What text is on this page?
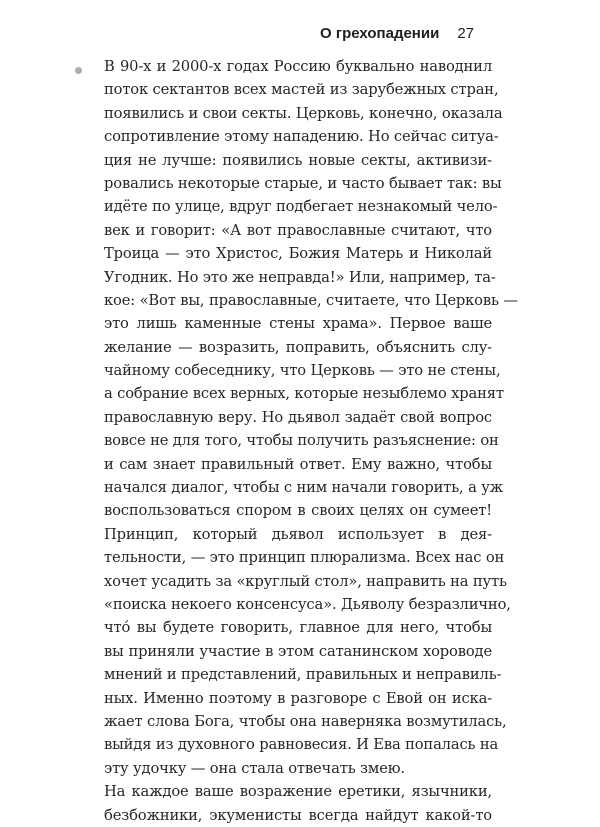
О грехопадении 27
В 90-х и 2000-х годах Россию буквально наводнил
поток сектантов всех мастей из зарубежных стран,
появились и свои секты. Церковь, конечно, оказала
сопротивление этому нападению. Но сейчас ситуа-
ция не лучше: появились новые секты, активизи-
ровались некоторые старые, и часто бывает так: вы
идёте по улице, вдруг подбегает незнакомый чело-
век и говорит: «А вот православные считают, что
Троица — это Христос, Божия Матерь и Николай
Угодник. Но это же неправда!» Или, например, та-
кое: «Вот вы, православные, считаете, что Церковь —
это лишь каменные стены храма». Первое ваше
желание — возразить, поправить, объяснить слу-
чайному собеседнику, что Церковь — это не стены,
а собрание всех верных, которые незыблемо хранят
православную веру. Но дьявол задаёт свой вопрос
вовсе не для того, чтобы получить разъяснение: он
и сам знает правильный ответ. Ему важно, чтобы
начался диалог, чтобы с ним начали говорить, а уж
воспользоваться спором в своих целях он сумеет!
Принцип, который дьявол использует в дея-
тельности, — это принцип плюрализма. Всех нас он
хочет усадить за «круглый стол», направить на путь
«поиска некоего консенсуса». Дьяволу безразлично,
что́ вы будете говорить, главное для него, чтобы
вы приняли участие в этом сатанинском хороводе
мнений и представлений, правильных и неправиль-
ных. Именно поэтому в разговоре с Евой он иска-
жает слова Бога, чтобы она наверняка возмутилась,
выйдя из духовного равновесия. И Ева попалась на
эту удочку — она стала отвечать змею.
На каждое ваше возражение еретики, язычники,
безбожники, экуменисты всегда найдут какой-то
